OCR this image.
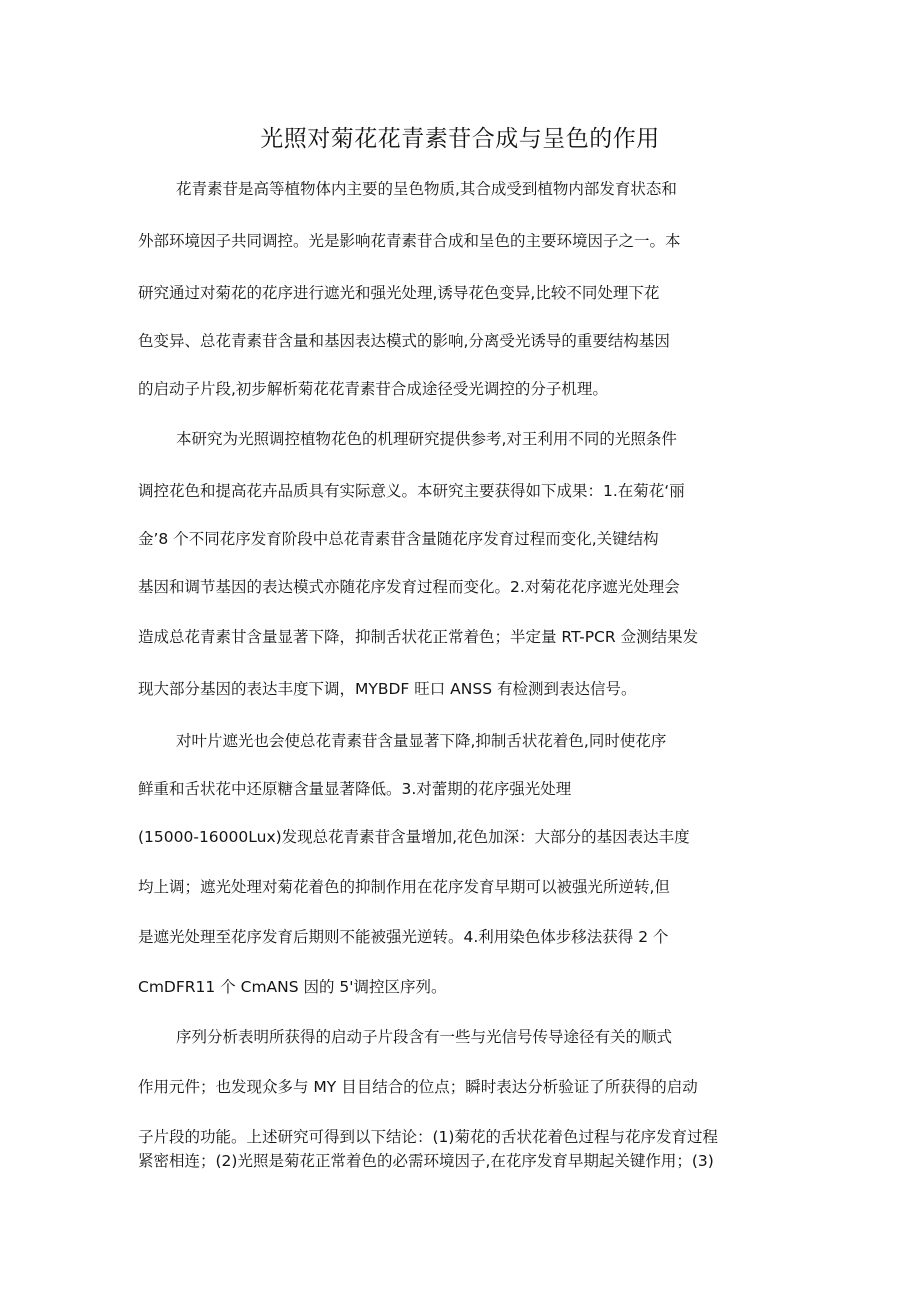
光照对菊花花青素苷合成与呈色的作用
花青素苷是高等植物体内主要的呈色物质,其合成受到植物内部发育状态和
外部环境因子共同调控。光是影响花青素苷合成和呈色的主要环境因子之一。本
研究通过对菊花的花序进行遮光和强光处理,诱导花色变异,比较不同处理下花
色变异、总花青素苷含量和基因表达模式的影响,分离受光诱导的重要结构基因
的启动子片段,初步解析菊花花青素苷合成途径受光调控的分子机理。
本研究为光照调控植物花色的机理研究提供参考,对王利用不同的光照条件
调控花色和提高花卉品质具有实际意义。本研究主要获得如下成果：1.在菊花‘丽
金’8 个不同花序发育阶段中总花青素苷含量随花序发育过程而变化,关键结构
基因和调节基因的表达模式亦随花序发育过程而变化。2.对菊花花序遮光处理会
造成总花青素甘含量显著下降，抑制舌状花正常着色；半定量 RT-PCR 佥测结果发
现大部分基因的表达丰度下调，MYBDF 旺口 ANSS 有检测到表达信号。
对叶片遮光也会使总花青素苷含量显著下降,抑制舌状花着色,同时使花序
鲜重和舌状花中还原糖含量显著降低。3.对蕾期的花序强光处理
(15000-16000Lux)发现总花青素苷含量增加,花色加深：大部分的基因表达丰度
均上调；遮光处理对菊花着色的抑制作用在花序发育早期可以被强光所逆转,但
是遮光处理至花序发育后期则不能被强光逆转。4.利用染色体步移法获得 2 个
CmDFR11 个 CmANS 因的 5'调控区序列。
序列分析表明所获得的启动子片段含有一些与光信号传导途径有关的顺式
作用元件；也发现众多与 MY 目目结合的位点；瞬时表达分析验证了所获得的启动
子片段的功能。上述研究可得到以下结论：(1)菊花的舌状花着色过程与花序发育过程
紧密相连；(2)光照是菊花正常着色的必需环境因子,在花序发育早期起关键作用；(3)
